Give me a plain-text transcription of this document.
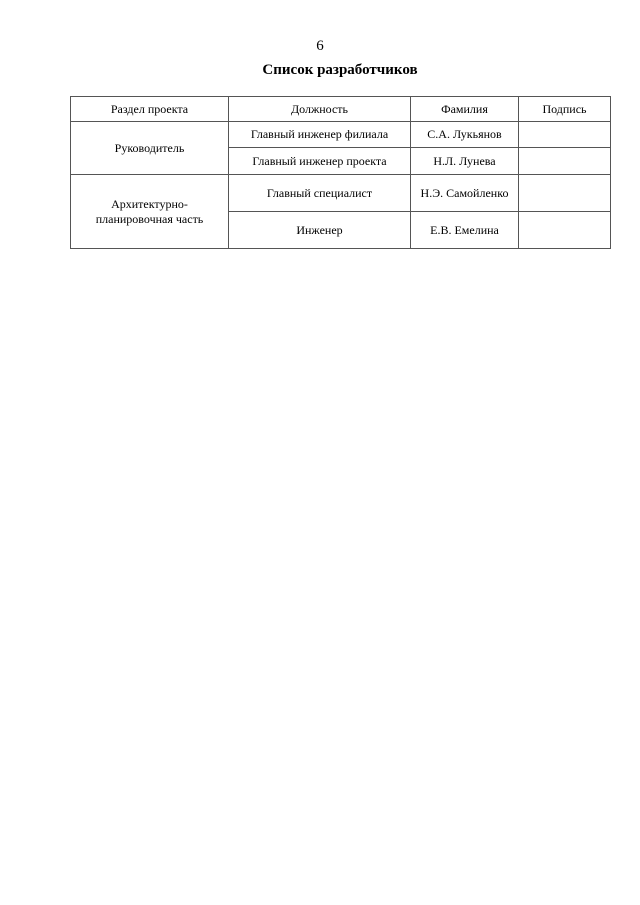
6
Список разработчиков
Раздел проекта	Должность	Фамилия	Подпись
Руководитель	Главный инженер филиала	С.А. Лукьянов	
	Главный инженер проекта	Н.Л. Лунева	
Архитектурно-планировочная часть	Главный специалист	Н.Э. Самойленко	
	Инженер	Е.В. Емелина	
